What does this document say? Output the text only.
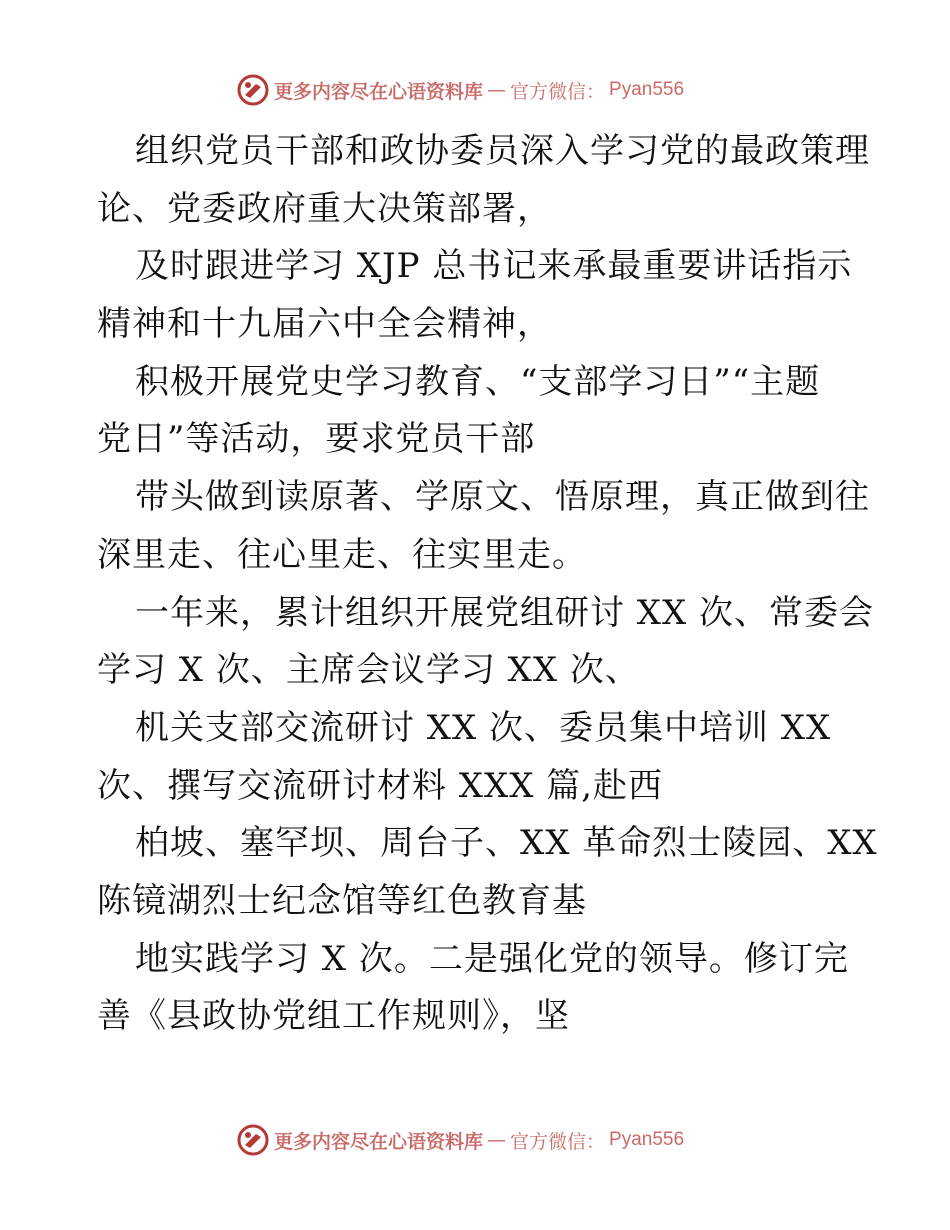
更多内容尽在心语资料库 — 官方微信： Pyan556

组织党员干部和政协委员深入学习党的最政策理
论、党委政府重大决策部署，

及时跟进学习 XJP 总书记来承最重要讲话指示
精神和十九届六中全会精神，

积极开展党史学习教育、“支部学习日”“主题
党日”等活动，要求党员干部

带头做到读原著、学原文、悟原理，真正做到往
深里走、往心里走、往实里走。

一年来，累计组织开展党组研讨 XX 次、常委会
学习 X 次、主席会议学习 XX 次、

机关支部交流研讨 XX 次、委员集中培训 XX
次、撰写交流研讨材料 XXX 篇,赴西

柏坡、塞罕坝、周台子、XX 革命烈士陵园、XX
陈镜湖烈士纪念馆等红色教育基

地实践学习 X 次。二是强化党的领导。修订完
善《县政协党组工作规则》，坚

更多内容尽在心语资料库 — 官方微信： Pyan556
